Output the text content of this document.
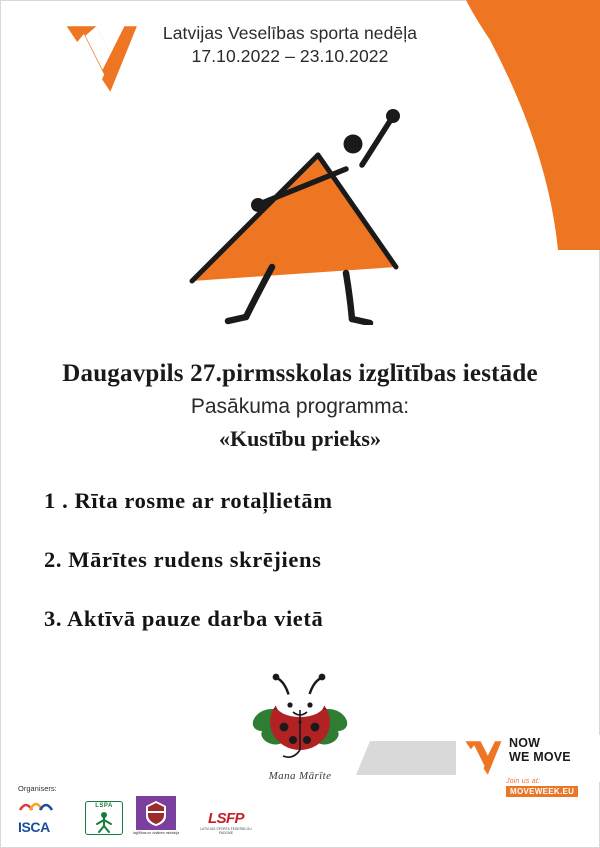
Latvijas Veselības sporta nedēļa
17.10.2022 – 23.10.2022
Daugavpils 27.pirmsskolas izglītības iestāde
Pasākuma programma:
«Kustību prieks»
1 . Rīta rosme ar rotaļlietām
2. Mārītes rudens skrējiens
3. Aktīvā pauze darba vietā
Mana Mārīte
NOW
WE MOVE
Join us at:
MOVEWEEK.EU
Organisers:
ISCA
LSPA
Izglītības un zinātnes ministrija
LSFP
LATVIJAS SPORTA FEDERĀCIJU PADOME
